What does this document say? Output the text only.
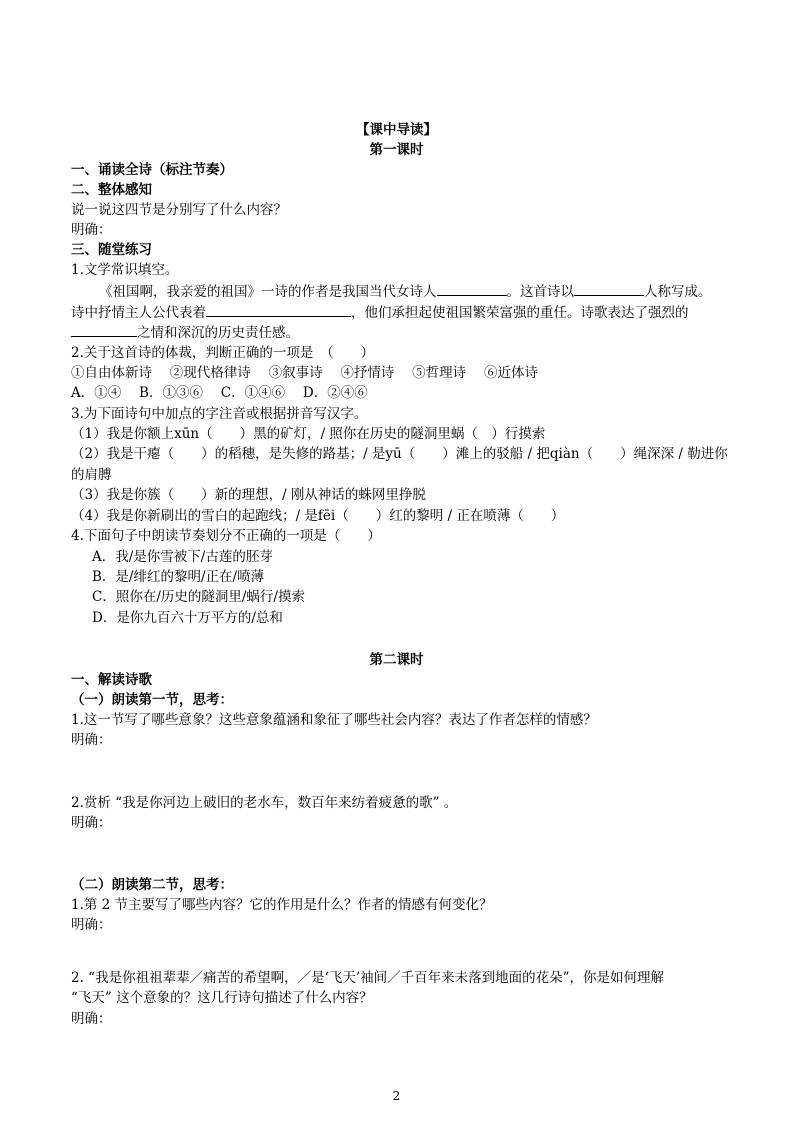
【课中导读】
第一课时
一、诵读全诗（标注节奏）
二、整体感知
说一说这四节是分别写了什么内容？
明确：
三、随堂练习
1.文学常识填空。
《祖国啊，我亲爱的祖国》一诗的作者是我国当代女诗人	。这首诗以	人称写成。
诗中抒情主人公代表着	，他们承担起使祖国繁荣富强的重任。诗歌表达了强烈的
之情和深沉的历史责任感。
2.关于这首诗的体裁，判断正确的一项是　（　　）
①自由体新诗　 ②现代格律诗　 ③叙事诗　 ④抒情诗　 ⑤哲理诗　 ⑥近体诗
A．①④　 B．①③⑥　 C．①④⑥　 D．②④⑥
3.为下面诗句中加点的字注音或根据拼音写汉字。
（1）我是你额上xūn（　　）黑的矿灯，/ 照你在历史的隧洞里蜗（　）行摸索
（2）我是干瘪（　　）的稻穗，是失修的路基；/ 是yū（　　）滩上的驳船 / 把qiàn（　　）绳深深 / 勒进你
的肩膊
（3）我是你簇（　　）新的理想，/ 刚从神话的蛛网里挣脱
（4）我是你新刷出的雪白的起跑线；/ 是fēi（　　）红的黎明 / 正在喷薄（　　）
4.下面句子中朗读节奏划分不正确的一项是（　　）
A．我/是你雪被下/古莲的胚芽
B．是/绯红的黎明/正在/喷薄
C．照你在/历史的隧洞里/蜗行/摸索
D．是你九百六十万平方的/总和
第二课时
一、解读诗歌
（一）朗读第一节，思考：
1.这一节写了哪些意象？这些意象蕴涵和象征了哪些社会内容？表达了作者怎样的情感？
明确：
2.赏析 “我是你河边上破旧的老水车，数百年来纺着疲惫的歌” 。
明确：
（二）朗读第二节，思考：
1.第 2 节主要写了哪些内容？它的作用是什么？作者的情感有何变化？
明确：
2. “我是你祖祖辈辈／痛苦的希望啊，／是‘飞天’袖间／千百年来未落到地面的花朵”，你是如何理解
“飞天” 这个意象的？这几行诗句描述了什么内容？
明确：
2
